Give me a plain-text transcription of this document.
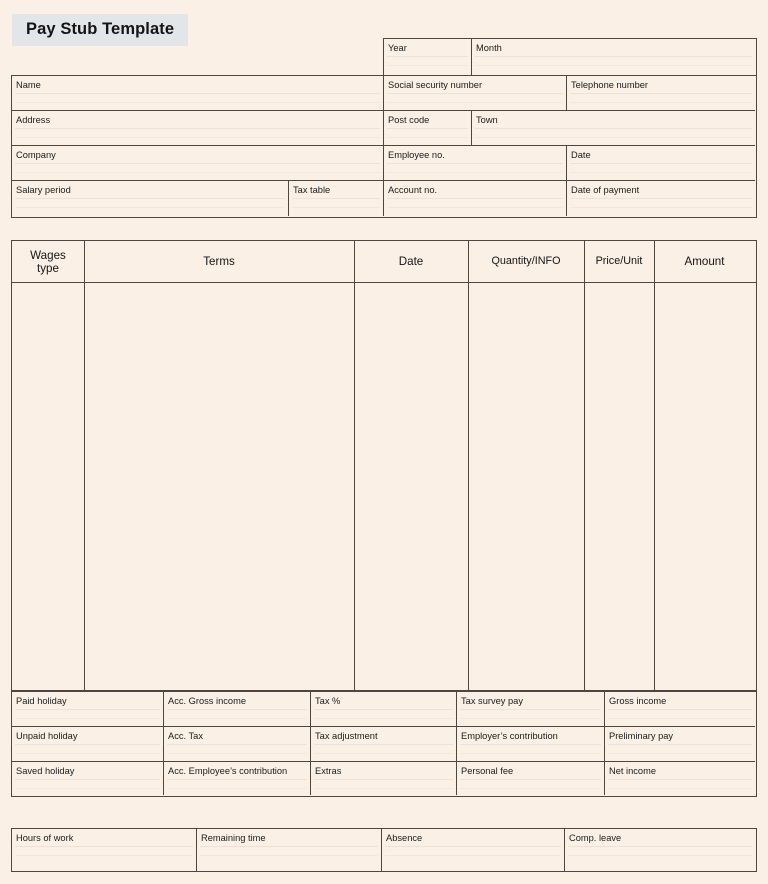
Pay Stub Template
Year	Month
Name	Social security number	Telephone number
Address	Post code	Town
Company	Employee no.	Date
Salary period	Tax table	Account no.	Date of payment
Wages
type	Terms	Date	Quantity/INFO	Price/Unit	Amount
Paid holiday	Acc. Gross income	Tax %	Tax survey pay	Gross income
Unpaid holiday	Acc. Tax	Tax adjustment	Employer’s contribution	Preliminary pay
Saved holiday	Acc. Employee’s contribution	Extras	Personal fee	Net income
Hours of work	Remaining time	Absence	Comp. leave
